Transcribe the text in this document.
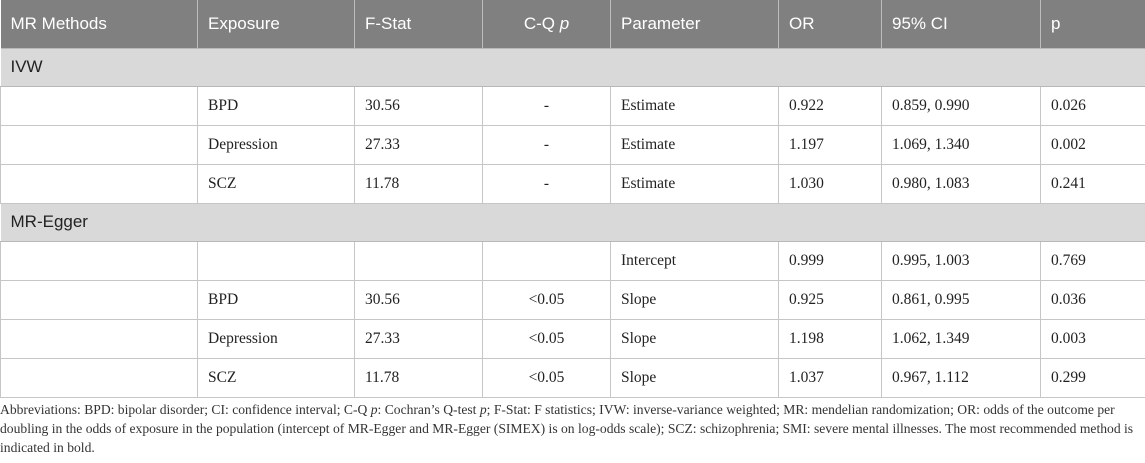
MR Methods	Exposure	F-Stat	C-Q p	Parameter	OR	95% CI	p
IVW							
	BPD	30.56	-	Estimate	0.922	0.859, 0.990	0.026
	Depression	27.33	-	Estimate	1.197	1.069, 1.340	0.002
	SCZ	11.78	-	Estimate	1.030	0.980, 1.083	0.241
MR-Egger							
				Intercept	0.999	0.995, 1.003	0.769
	BPD	30.56	<0.05	Slope	0.925	0.861, 0.995	0.036
	Depression	27.33	<0.05	Slope	1.198	1.062, 1.349	0.003
	SCZ	11.78	<0.05	Slope	1.037	0.967, 1.112	0.299
Abbreviations: BPD: bipolar disorder; CI: confidence interval; C-Q p: Cochran’s Q-test p; F-Stat: F statistics; IVW: inverse-variance weighted; MR: mendelian randomization; OR: odds of the outcome per doubling in the odds of exposure in the population (intercept of MR-Egger and MR-Egger (SIMEX) is on log-odds scale); SCZ: schizophrenia; SMI: severe mental illnesses. The most recommended method is indicated in bold.
